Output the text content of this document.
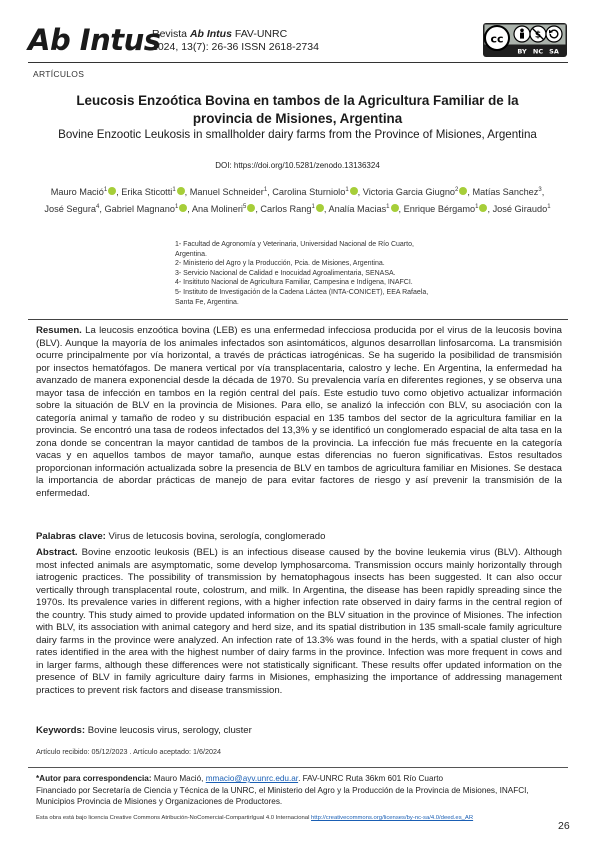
Ab Intus
Revista Ab Intus FAV-UNRC
2024, 13(7): 26-36 ISSN 2618-2734
cc	$
BY NC SA
ARTÍCULOS
Leucosis Enzoótica Bovina en tambos de la Agricultura Familiar de la
provincia de Misiones, Argentina
Bovine Enzootic Leukosis in smallholder dairy farms from the Province of Misiones, Argentina
DOI: https://doi.org/10.5281/zenodo.13136324
Mauro Mació$^1$ , Erika Sticotti$^1$ , Manuel Schneider$^1$, Carolina Sturniolo$^1$ , Victoria Garcia Giugno$^2$ , Matías Sanchez$^3$, José Segura$^4$, Gabriel Magnano$^1$ , Ana Molineri$^5$ , Carlos Rang$^1$ , Analía Macias$^1$ , Enrique Bérgamo$^1$ , José Giraudo$^1$
1- Facultad de Agronomía y Veterinaria, Universidad Nacional de Río Cuarto, Argentina.
2- Ministerio del Agro y la Producción, Pcia. de Misiones, Argentina.
3- Servicio Nacional de Calidad e Inocuidad Agroalimentaria, SENASA.
4- Insitituto Nacional de Agricultura Familiar, Campesina e Indígena, INAFCI.
5- Instituto de Investigación de la Cadena Láctea (INTA-CONICET), EEA Rafaela, Santa Fe, Argentina.
Resumen. La leucosis enzoótica bovina (LEB) es una enfermedad infecciosa producida por el virus de la leucosis bovina (BLV). Aunque la mayoría de los animales infectados son asintomáticos, algunos desarrollan linfosarcoma. La transmisión ocurre principalmente por vía horizontal, a través de prácticas iatrogénicas. Se ha sugerido la posibilidad de transmisión por insectos hematófagos. De manera vertical por vía transplacentaria, calostro y leche. En Argentina, la enfermedad ha avanzado de manera exponencial desde la década de 1970. Su prevalencia varía en diferentes regiones, y se observa una mayor tasa de infección en tambos en la región central del país. Este estudio tuvo como objetivo actualizar información sobre la situación de BLV en la provincia de Misiones. Para ello, se analizó la infección con BLV, su asociación con la categoría animal y tamaño de rodeo y su distribución espacial en 135 tambos del sector de la agricultura familiar en la provincia. Se encontró una tasa de rodeos infectados del 13,3% y se identificó un conglomerado espacial de alta tasa en la zona donde se concentran la mayor cantidad de tambos de la provincia. La infección fue más frecuente en la categoría vacas y en aquellos tambos de mayor tamaño, aunque estas diferencias no fueron significativas. Estos resultados proporcionan información actualizada sobre la presencia de BLV en tambos de agricultura familiar en Misiones. Se destaca la importancia de abordar prácticas de manejo de para evitar factores de riesgo y así prevenir la transmisión de la enfermedad.
Palabras clave: Virus de letucosis bovina, serología, conglomerado
Abstract. Bovine enzootic leukosis (BEL) is an infectious disease caused by the bovine leukemia virus (BLV). Although most infected animals are asymptomatic, some develop lymphosarcoma. Transmission occurs mainly horizontally through iatrogenic practices. The possibility of transmission by hematophagous insects has been suggested. It can also occur vertically through transplacental route, colostrum, and milk. In Argentina, the disease has been rapidly spreading since the 1970s. Its prevalence varies in different regions, with a higher infection rate observed in dairy farms in the central region of the country. This study aimed to provide updated information on the BLV situation in the province of Misiones. The infection with BLV, its association with animal category and herd size, and its spatial distribution in 135 small-scale family agriculture dairy farms in the province were analyzed. An infection rate of 13.3% was found in the herds, with a spatial cluster of high rates identified in the area with the highest number of dairy farms in the province. Infection was more frequent in cows and in larger farms, although these differences were not statistically significant. These results offer updated information on the presence of BLV in family agriculture dairy farms in Misiones, emphasizing the importance of addressing management practices to prevent risk factors and disease transmission.
Keywords: Bovine leucosis virus, serology, cluster
Artículo recibido: 05/12/2023 . Artículo aceptado: 1/6/2024
*Autor para correspondencia: Mauro Mació, mmacio@ayv.unrc.edu.ar. FAV-UNRC Ruta 36km 601 Río Cuarto
Financiado por Secretaría de Ciencia y Técnica de la UNRC, el Ministerio del Agro y la Producción de la Provincia de Misiones, INAFCI, Municipios Provincia de Misiones y Organizaciones de Productores.
Esta obra está bajo licencia Creative Commons Atribución-NoComercial-CompartirIgual 4.0 Internacional http://creativecommons.org/licenses/by-nc-sa/4.0/deed.es_AR
26
